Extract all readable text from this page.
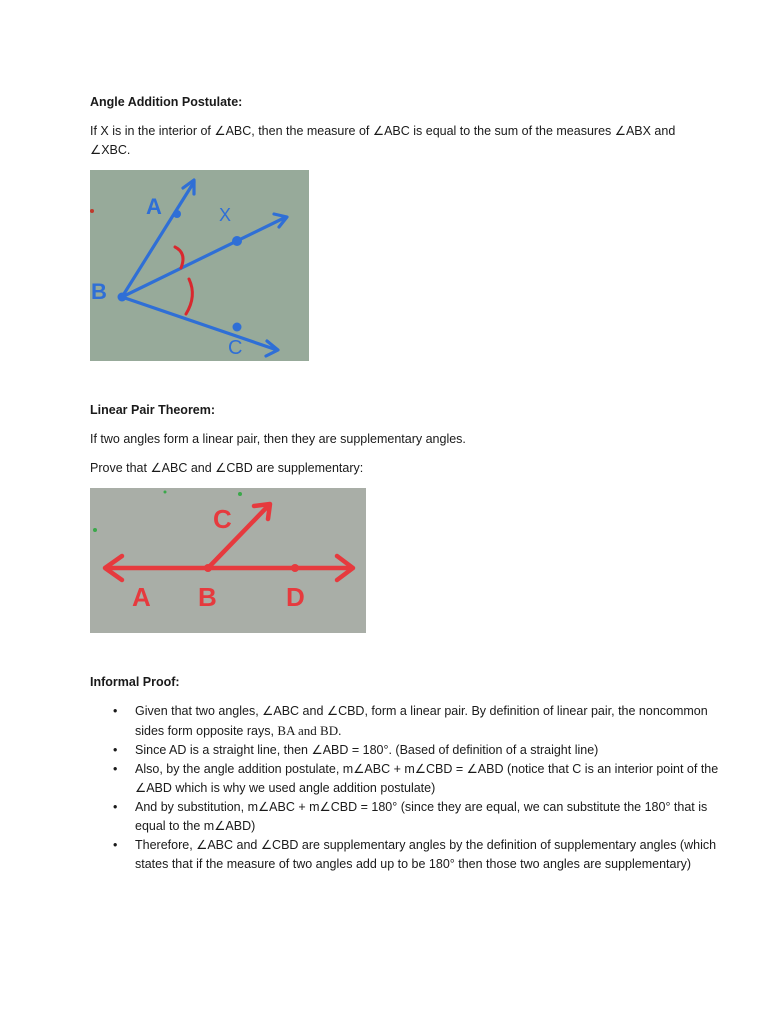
Angle Addition Postulate:
If X is in the interior of ∠ABC, then the measure of ∠ABC is equal to the sum of the measures ∠ABX and ∠XBC.
A	X
B
C
Linear Pair Theorem:
If two angles form a linear pair, then they are supplementary angles.
Prove that ∠ABC and ∠CBD are supplementary:
C
A B	D
Informal Proof:
• Given that two angles, ∠ABC and ∠CBD, form a linear pair. By definition of linear pair, the noncommon sides form opposite rays, BA and BD.
• Since AD is a straight line, then ∠ABD = 180°. (Based of definition of a straight line)
• Also, by the angle addition postulate, m∠ABC + m∠CBD = ∠ABD (notice that C is an interior point of the ∠ABD which is why we used angle addition postulate)
• And by substitution, m∠ABC + m∠CBD = 180° (since they are equal, we can substitute the 180° that is equal to the m∠ABD)
• Therefore, ∠ABC and ∠CBD are supplementary angles by the definition of supplementary angles (which states that if the measure of two angles add up to be 180° then those two angles are supplementary)
